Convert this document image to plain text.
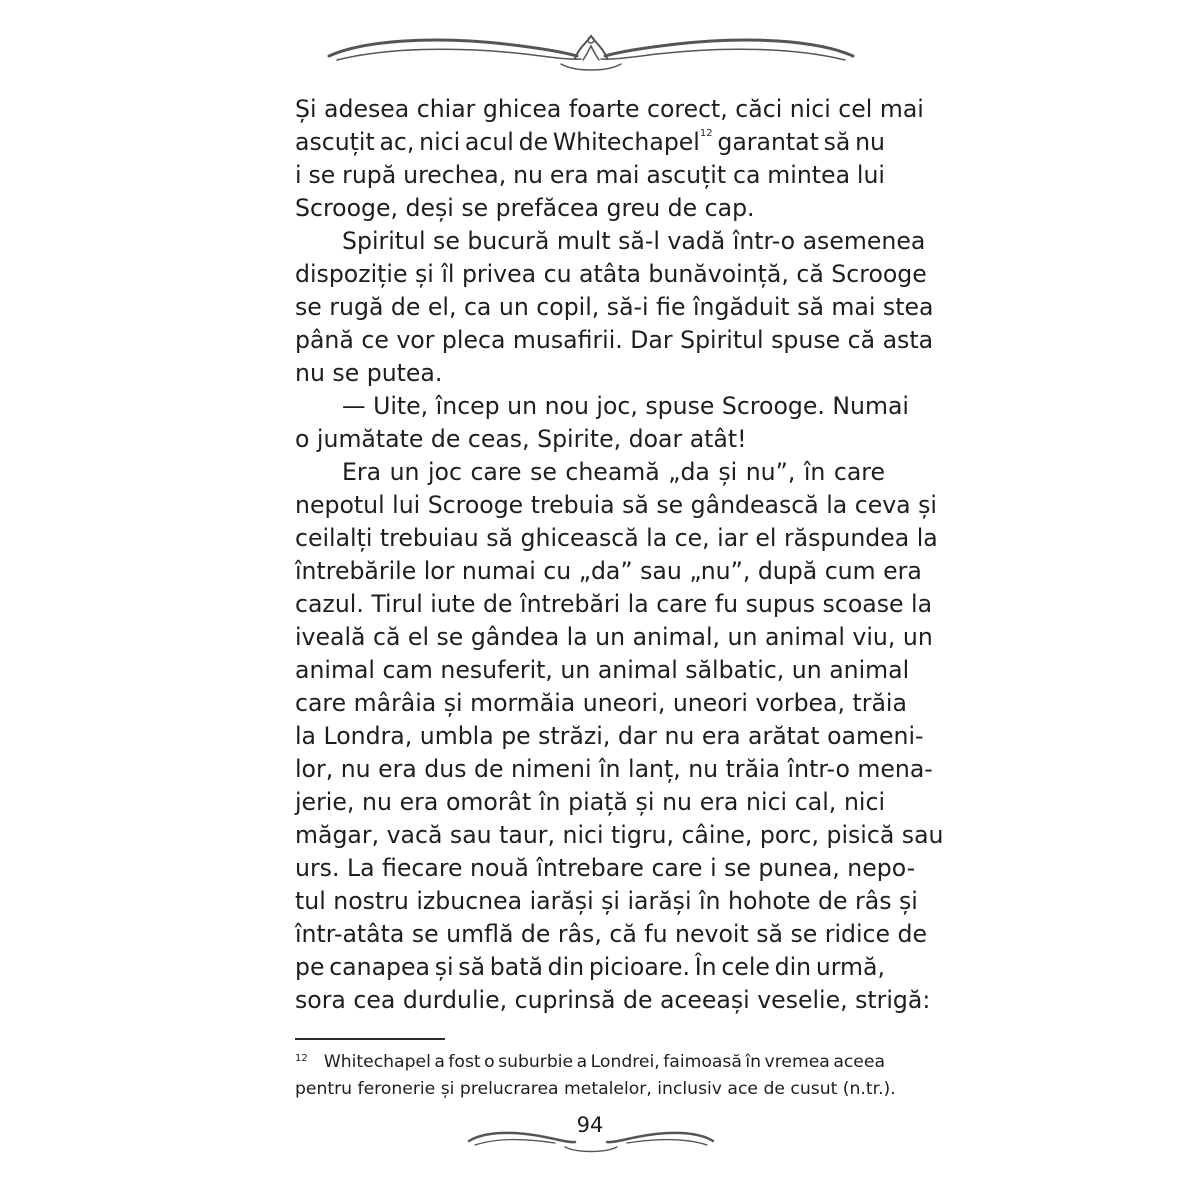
Și adesea chiar ghicea foarte corect, căci nici cel mai
ascuțit ac, nici acul de Whitechapel$^{12}$ garantat să nu
i se rupă urechea, nu era mai ascuțit ca mintea lui
Scrooge, deși se prefăcea greu de cap.
Spiritul se bucură mult să-l vadă într-o asemenea
dispoziție și îl privea cu atâta bunăvoință, că Scrooge
se rugă de el, ca un copil, să-i fie îngăduit să mai stea
până ce vor pleca musafirii. Dar Spiritul spuse că asta
nu se putea.
— Uite, încep un nou joc, spuse Scrooge. Numai
o jumătate de ceas, Spirite, doar atât!
Era un joc care se cheamă „da și nu”, în care
nepotul lui Scrooge trebuia să se gândească la ceva și
ceilalți trebuiau să ghicească la ce, iar el răspundea la
întrebările lor numai cu „da” sau „nu”, după cum era
cazul. Tirul iute de întrebări la care fu supus scoase la
iveală că el se gândea la un animal, un animal viu, un
animal cam nesuferit, un animal sălbatic, un animal
care mârâia și mormăia uneori, uneori vorbea, trăia
la Londra, umbla pe străzi, dar nu era arătat oameni-
lor, nu era dus de nimeni în lanț, nu trăia într-o mena-
jerie, nu era omorât în piață și nu era nici cal, nici
măgar, vacă sau taur, nici tigru, câine, porc, pisică sau
urs. La fiecare nouă întrebare care i se punea, nepo-
tul nostru izbucnea iarăși și iarăși în hohote de râs și
într-atâta se umflă de râs, că fu nevoit să se ridice de
pe canapea și să bată din picioare. În cele din urmă,
sora cea durdulie, cuprinsă de aceeași veselie, strigă:
$^{12}$ Whitechapel a fost o suburbie a Londrei, faimoasă în vremea aceea
pentru feronerie și prelucrarea metalelor, inclusiv ace de cusut (n.tr.).
94
